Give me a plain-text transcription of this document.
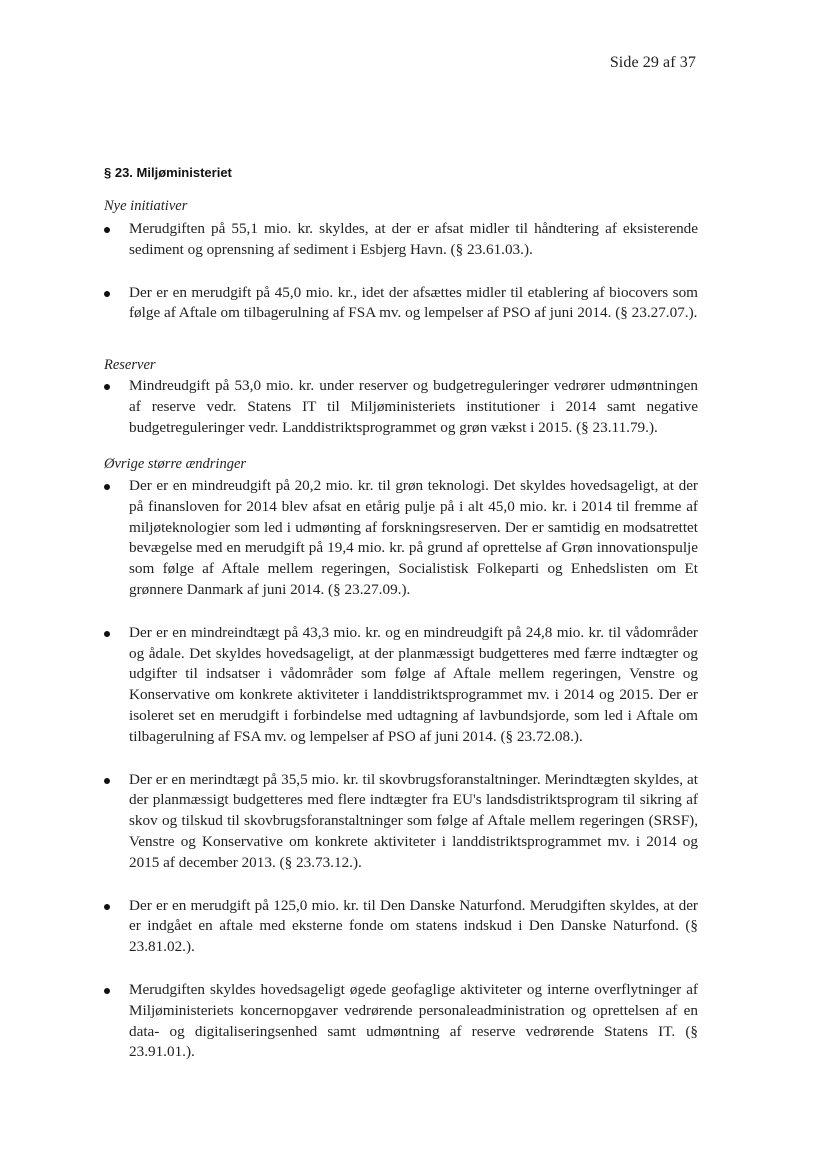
Side 29 af 37
§ 23. Miljøministeriet
Nye initiativer
Merudgiften på 55,1 mio. kr. skyldes, at der er afsat midler til håndtering af eksisterende sediment og oprensning af sediment i Esbjerg Havn. (§ 23.61.03.).
Der er en merudgift på 45,0 mio. kr., idet der afsættes midler til etablering af biocovers som følge af Aftale om tilbagerulning af FSA mv. og lempelser af PSO af juni 2014. (§ 23.27.07.).
Reserver
Mindreudgift på 53,0 mio. kr. under reserver og budgetreguleringer vedrører udmøntningen af reserve vedr. Statens IT til Miljøministeriets institutioner i 2014 samt negative budgetreguleringer vedr. Landdistriktsprogrammet og grøn vækst i 2015. (§ 23.11.79.).
Øvrige større ændringer
Der er en mindreudgift på 20,2 mio. kr. til grøn teknologi. Det skyldes hovedsageligt, at der på finansloven for 2014 blev afsat en etårig pulje på i alt 45,0 mio. kr. i 2014 til fremme af miljøteknologier som led i udmønting af forskningsreserven. Der er samtidig en modsatrettet bevægelse med en merudgift på 19,4 mio. kr. på grund af oprettelse af Grøn innovationspulje som følge af Aftale mellem regeringen, Socialistisk Folkeparti og Enhedslisten om Et grønnere Danmark af juni 2014. (§ 23.27.09.).
Der er en mindreindtægt på 43,3 mio. kr. og en mindreudgift på 24,8 mio. kr. til vådområder og ådale. Det skyldes hovedsageligt, at der planmæssigt budgetteres med færre indtægter og udgifter til indsatser i vådområder som følge af Aftale mellem regeringen, Venstre og Konservative om konkrete aktiviteter i landdistriktsprogrammet mv. i 2014 og 2015. Der er isoleret set en merudgift i forbindelse med udtagning af lavbundsjorde, som led i Aftale om tilbagerulning af FSA mv. og lempelser af PSO af juni 2014. (§ 23.72.08.).
Der er en merindtægt på 35,5 mio. kr. til skovbrugsforanstaltninger. Merindtægten skyldes, at der planmæssigt budgetteres med flere indtægter fra EU's landsdistriktsprogram til sikring af skov og tilskud til skovbrugsforanstaltninger som følge af Aftale mellem regeringen (SRSF), Venstre og Konservative om konkrete aktiviteter i landdistriktsprogrammet mv. i 2014 og 2015 af december 2013. (§ 23.73.12.).
Der er en merudgift på 125,0 mio. kr. til Den Danske Naturfond. Merudgiften skyldes, at der er indgået en aftale med eksterne fonde om statens indskud i Den Danske Naturfond. (§ 23.81.02.).
Merudgiften skyldes hovedsageligt øgede geofaglige aktiviteter og interne overflytninger af Miljøministeriets koncernopgaver vedrørende personaleadministration og oprettelsen af en data- og digitaliseringsenhed samt udmøntning af reserve vedrørende Statens IT. (§ 23.91.01.).
